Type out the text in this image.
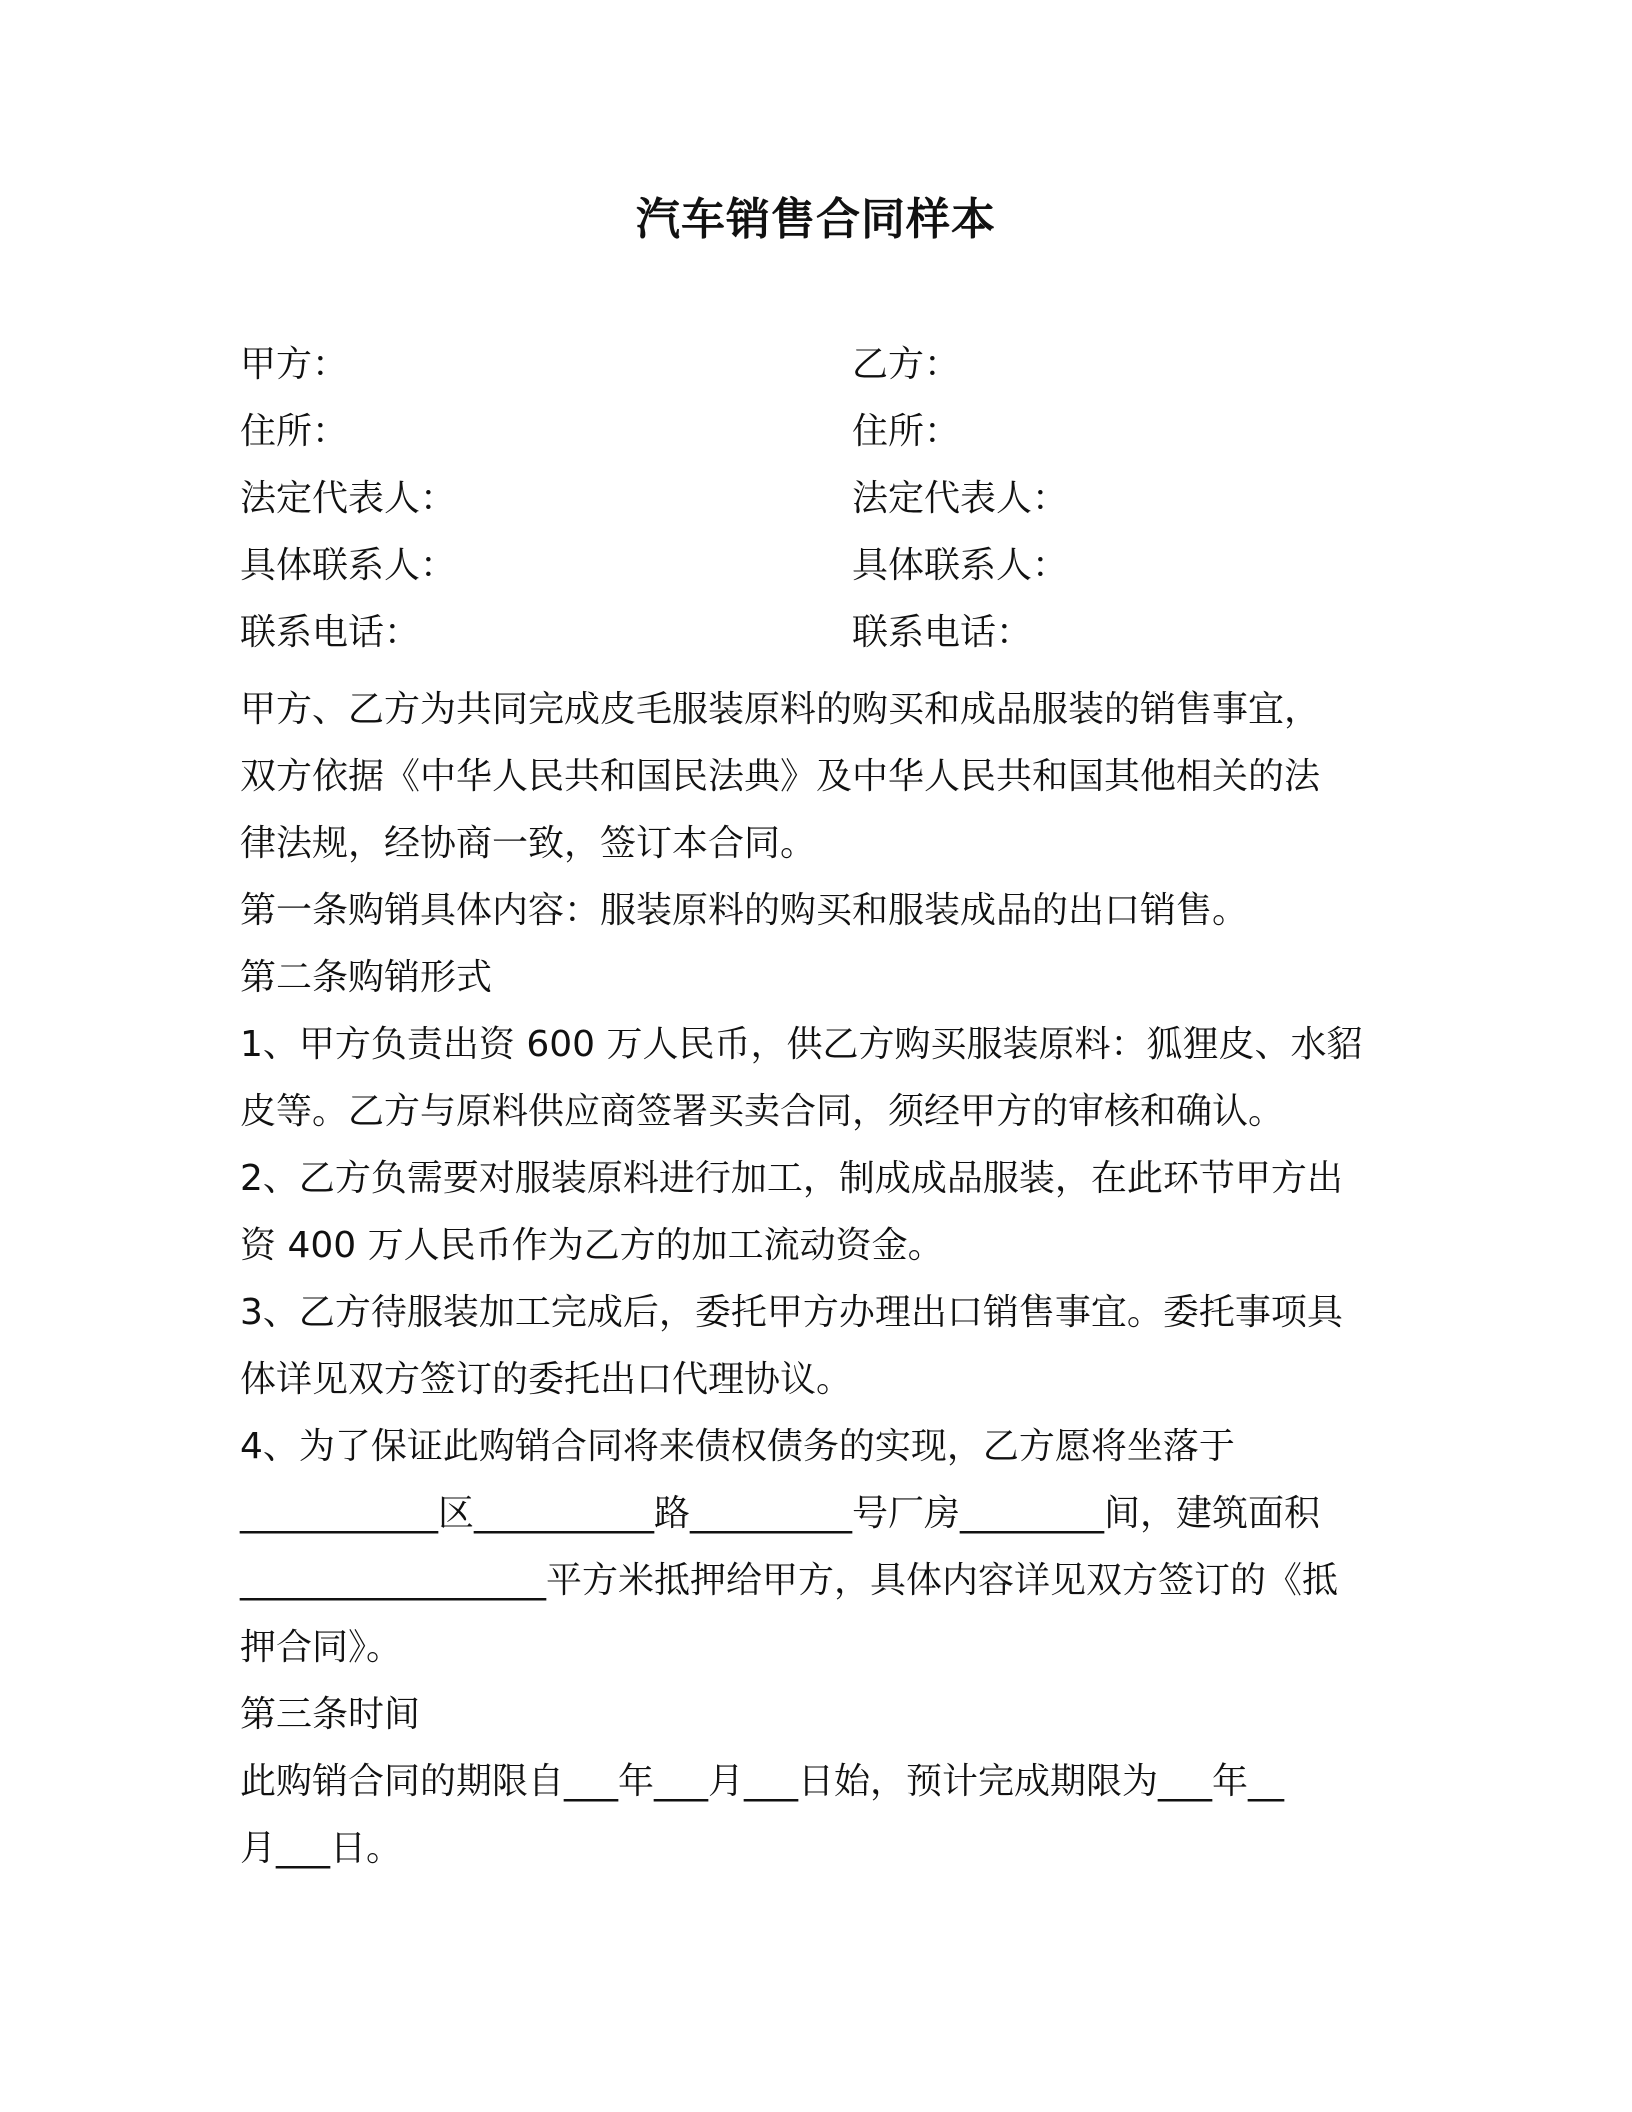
汽车销售合同样本
甲方：	乙方：
住所：	住所：
法定代表人：	法定代表人：
具体联系人：	具体联系人：
联系电话：	联系电话：
甲方、乙方为共同完成皮毛服装原料的购买和成品服装的销售事宜，
双方依据《中华人民共和国民法典》及中华人民共和国其他相关的法
律法规，经协商一致，签订本合同。
第一条购销具体内容：服装原料的购买和服装成品的出口销售。
第二条购销形式
1、甲方负责出资 600 万人民币，供乙方购买服装原料：狐狸皮、水貂
皮等。乙方与原料供应商签署买卖合同，须经甲方的审核和确认。
2、乙方负需要对服装原料进行加工，制成成品服装，在此环节甲方出
资 400 万人民币作为乙方的加工流动资金。
3、乙方待服装加工完成后，委托甲方办理出口销售事宜。委托事项具
体详见双方签订的委托出口代理协议。
4、为了保证此购销合同将来债权债务的实现，乙方愿将坐落于
___________区__________路_________号厂房________间，建筑面积
_________________平方米抵押给甲方，具体内容详见双方签订的《抵
押合同》。
第三条时间
此购销合同的期限自___年___月___日始，预计完成期限为___年__
月___日。
